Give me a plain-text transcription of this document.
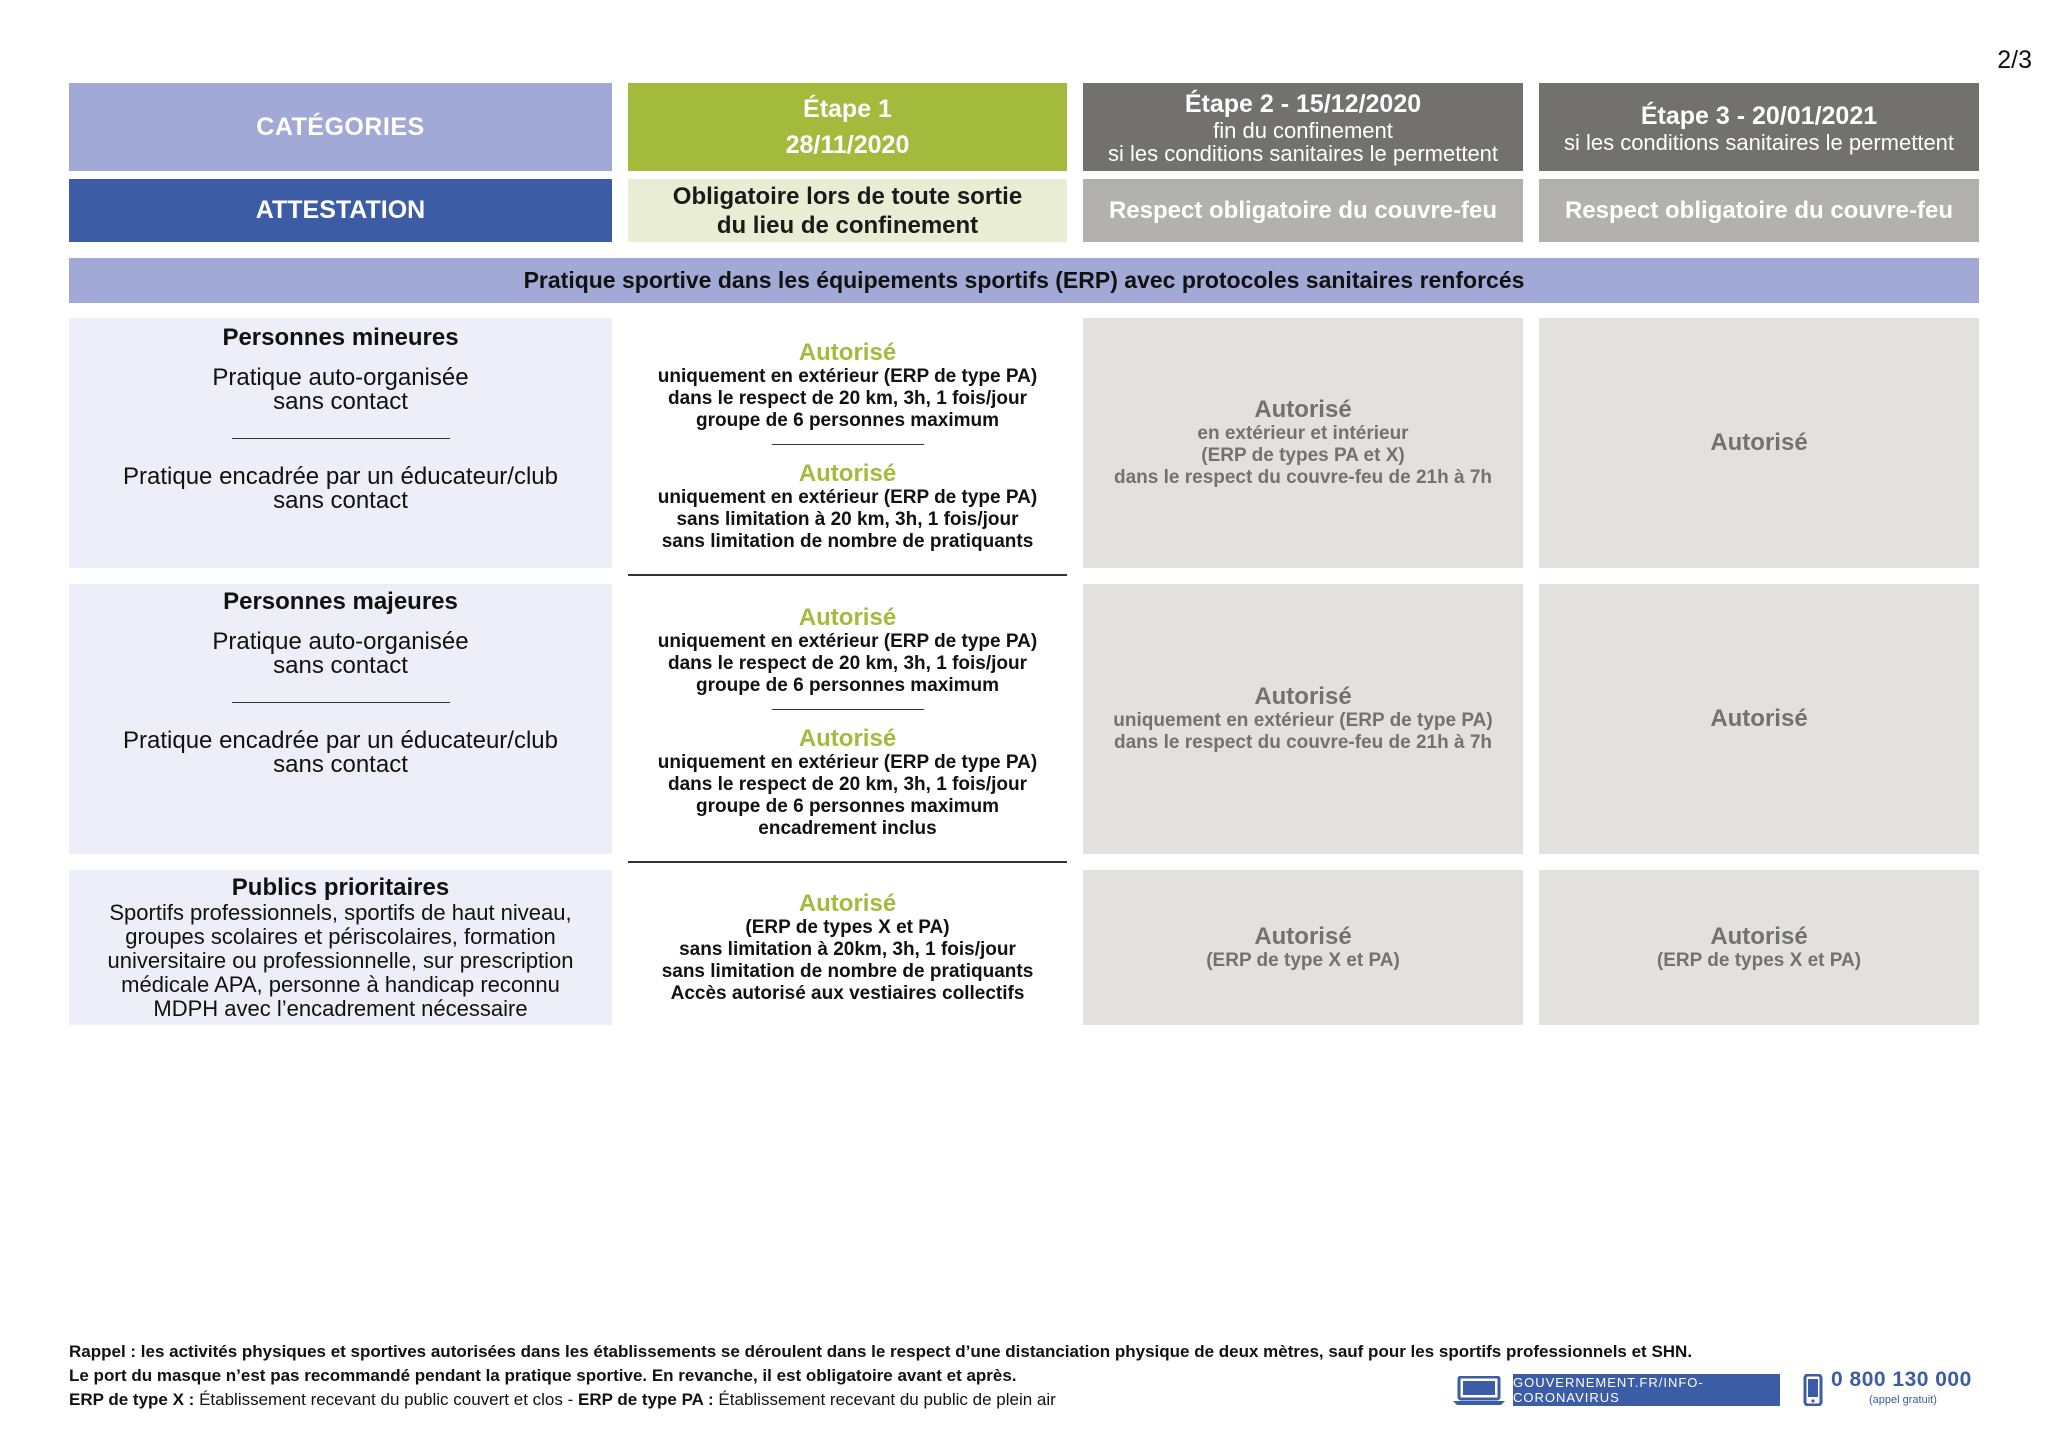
2/3
CATÉGORIES
Étape 1
28/11/2020
Étape 2 - 15/12/2020
fin du confinement
si les conditions sanitaires le permettent
Étape 3 - 20/01/2021
si les conditions sanitaires le permettent
ATTESTATION	Obligatoire lors de toute sortie
du lieu de confinement
Respect obligatoire du couvre-feu	Respect obligatoire du couvre-feu
Pratique sportive dans les équipements sportifs (ERP) avec protocoles sanitaires renforcés
Personnes mineures
Pratique auto-organisée
sans contact
Pratique encadrée par un éducateur/club
sans contact
Autorisé
uniquement en extérieur (ERP de type PA)
dans le respect de 20 km, 3h, 1 fois/jour
groupe de 6 personnes maximum
Autorisé
uniquement en extérieur (ERP de type PA)
sans limitation à 20 km, 3h, 1 fois/jour
sans limitation de nombre de pratiquants
Autorisé
en extérieur et intérieur
(ERP de types PA et X)
dans le respect du couvre-feu de 21h à 7h
Autorisé
Personnes majeures
Pratique auto-organisée
sans contact
Pratique encadrée par un éducateur/club
sans contact
Autorisé
uniquement en extérieur (ERP de type PA)
dans le respect de 20 km, 3h, 1 fois/jour
groupe de 6 personnes maximum
Autorisé
uniquement en extérieur (ERP de type PA)
dans le respect de 20 km, 3h, 1 fois/jour
groupe de 6 personnes maximum
encadrement inclus
Autorisé
uniquement en extérieur (ERP de type PA)
dans le respect du couvre-feu de 21h à 7h
Autorisé
Publics prioritaires
Sportifs professionnels, sportifs de haut niveau,
groupes scolaires et périscolaires, formation
universitaire ou professionnelle, sur prescription
médicale APA, personne à handicap reconnu
MDPH avec l’encadrement nécessaire
Autorisé
(ERP de types X et PA)
sans limitation à 20km, 3h, 1 fois/jour
sans limitation de nombre de pratiquants
Accès autorisé aux vestiaires collectifs
Autorisé
(ERP de type X et PA)
Autorisé
(ERP de types X et PA)
Rappel : les activités physiques et sportives autorisées dans les établissements se déroulent dans le respect d’une distanciation physique de deux mètres, sauf pour les sportifs professionnels et SHN.
Le port du masque n’est pas recommandé pendant la pratique sportive. En revanche, il est obligatoire avant et après.
ERP de type X : Établissement recevant du public couvert et clos - ERP de type PA : Établissement recevant du public de plein air
GOUVERNEMENT.FR/INFO-CORONAVIRUS
0 800 130 000
(appel gratuit)
